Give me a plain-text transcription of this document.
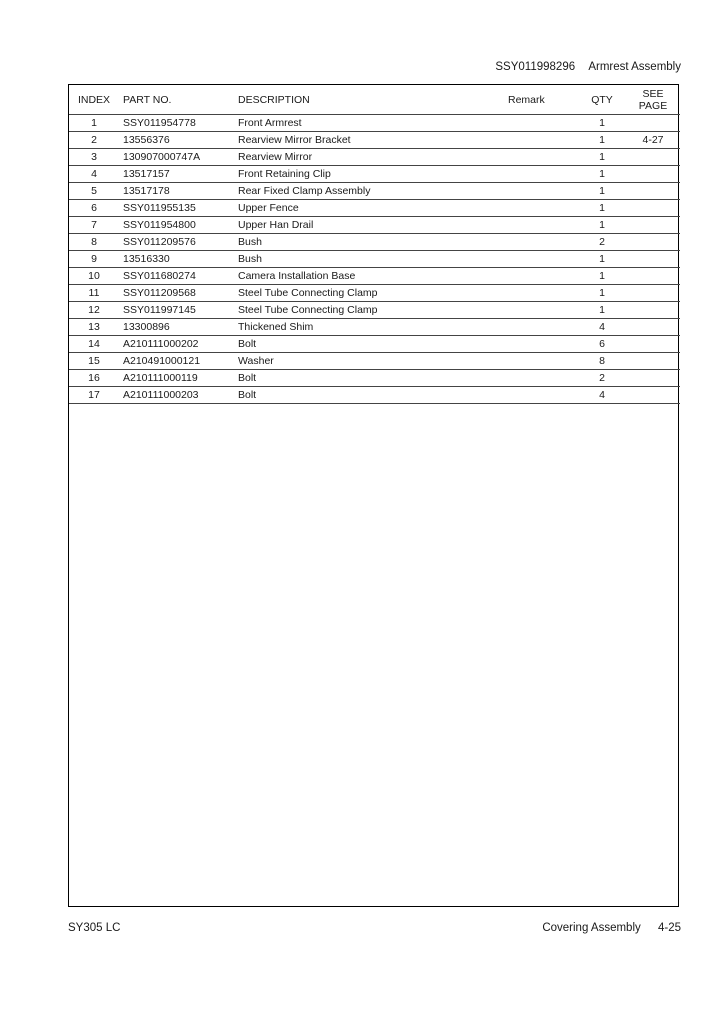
SSY011998296 Armrest Assembly
INDEX	PART NO.	DESCRIPTION	Remark	QTY	SEE
PAGE

1	SSY011954778	Front Armrest		1	
2	13556376	Rearview Mirror Bracket		1	4-27
3	130907000747A	Rearview Mirror		1	
4	13517157	Front Retaining Clip		1	
5	13517178	Rear Fixed Clamp Assembly		1	
6	SSY011955135	Upper Fence		1	
7	SSY011954800	Upper Han Drail		1	
8	SSY011209576	Bush		2	
9	13516330	Bush		1	
10	SSY011680274	Camera Installation Base		1	
11	SSY011209568	Steel Tube Connecting Clamp		1	
12	SSY011997145	Steel Tube Connecting Clamp		1	
13	13300896	Thickened Shim		4	
14	A210111000202	Bolt		6	
15	A210491000121	Washer		8	
16	A210111000119	Bolt		2	
17	A210111000203	Bolt		4	
SY305 LC	Covering Assembly 4-25
